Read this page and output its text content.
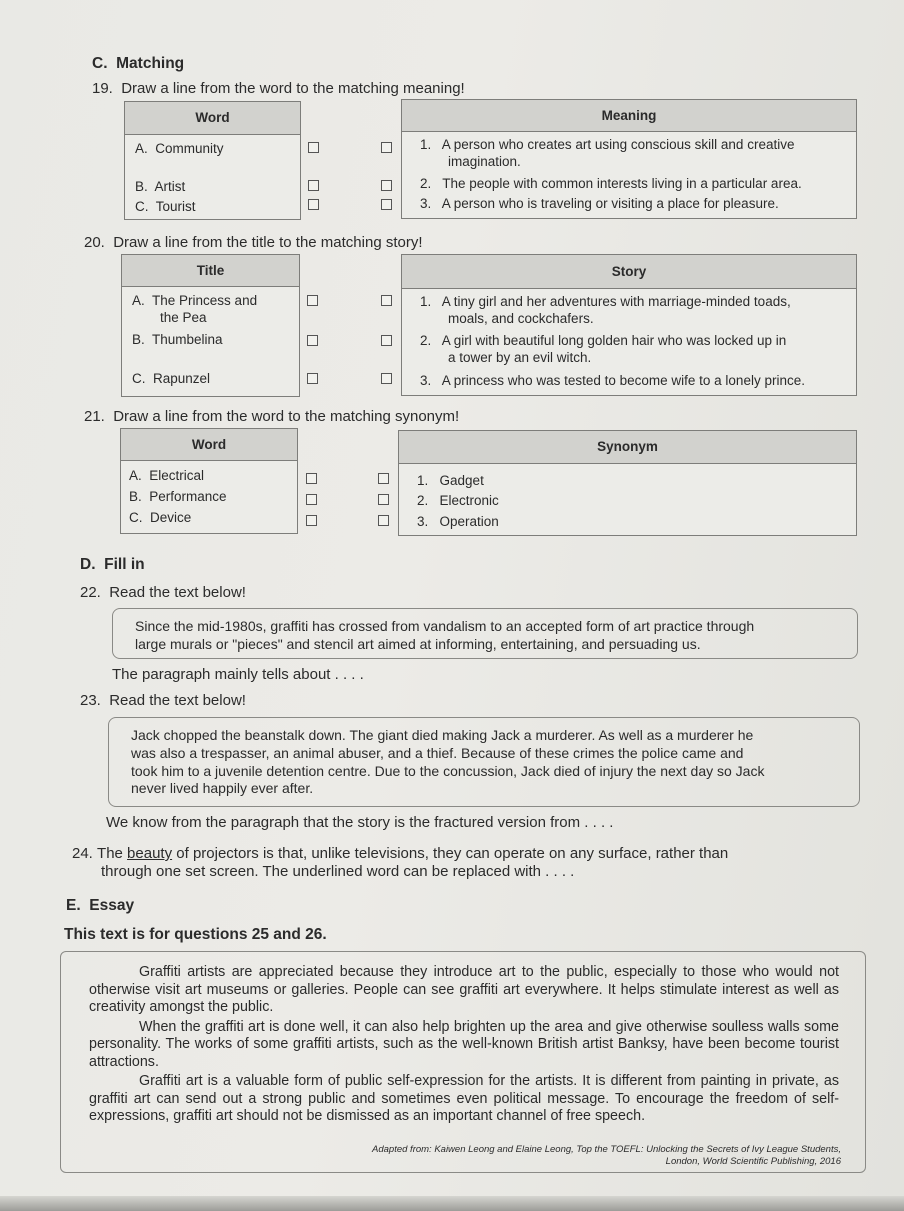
C. Matching
19. Draw a line from the word to the matching meaning!
Word
A. Community
B. Artist
C. Tourist
Meaning
1. A person who creates art using conscious skill and creative
imagination.
2. The people with common interests living in a particular area.
3. A person who is traveling or visiting a place for pleasure.
20. Draw a line from the title to the matching story!
Title
A. The Princess and
the Pea
B. Thumbelina
C. Rapunzel
Story
1. A tiny girl and her adventures with marriage-minded toads,
moals, and cockchafers.
2. A girl with beautiful long golden hair who was locked up in
a tower by an evil witch.
3. A princess who was tested to become wife to a lonely prince.
21. Draw a line from the word to the matching synonym!
Word
A. Electrical
B. Performance
C. Device
Synonym
1. Gadget
2. Electronic
3. Operation
D. Fill in
22. Read the text below!
Since the mid-1980s, graffiti has crossed from vandalism to an accepted form of art practice through
large murals or "pieces" and stencil art aimed at informing, entertaining, and persuading us.
The paragraph mainly tells about . . . .
23. Read the text below!
Jack chopped the beanstalk down. The giant died making Jack a murderer. As well as a murderer he
was also a trespasser, an animal abuser, and a thief. Because of these crimes the police came and
took him to a juvenile detention centre. Due to the concussion, Jack died of injury the next day so Jack
never lived happily ever after.
We know from the paragraph that the story is the fractured version from . . . .
24. The beauty of projectors is that, unlike televisions, they can operate on any surface, rather than
through one set screen. The underlined word can be replaced with . . . .
E. Essay
This text is for questions 25 and 26.

Graffiti artists are appreciated because they introduce art to the public, especially to those who would not otherwise visit art museums or galleries. People can see graffiti art everywhere. It helps stimulate interest as well as creativity amongst the public.

When the graffiti art is done well, it can also help brighten up the area and give otherwise soulless walls some personality. The works of some graffiti artists, such as the well-known British artist Banksy, have been become tourist attractions.

Graffiti art is a valuable form of public self-expression for the artists. It is different from painting in private, as graffiti art can send out a strong public and sometimes even political message. To encourage the freedom of self-expressions, graffiti art should not be dismissed as an important channel of free speech.

Adapted from: Kaiwen Leong and Elaine Leong, Top the TOEFL: Unlocking the Secrets of Ivy League Students,
London, World Scientific Publishing, 2016
